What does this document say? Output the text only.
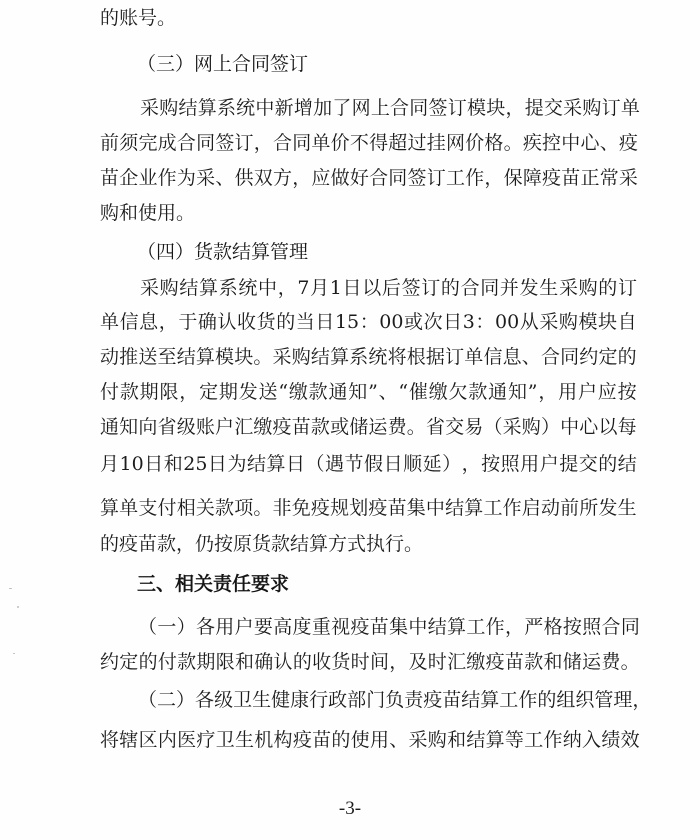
的账号。
（三）网上合同签订
采 购 结 算 系 统 中 新 增 加 了 网 上 合 同 签 订 模 块 ， 提 交 采 购 订 单
前 须 完 成 合 同 签 订 ， 合 同 单 价 不 得 超 过 挂 网 价 格 。 疾 控 中 心 、 疫
苗 企 业 作 为 采 、 供 双 方 ， 应 做 好 合 同 签 订 工 作 ， 保 障 疫 苗 正 常 采
购和使用。
（四）货款结算管理
采 购 结 算 系 统 中 ， 7 月 1 日 以 后 签 订 的 合 同 并 发 生 采 购 的 订
单 信 息 ， 于 确 认 收 货 的 当 日 15 ： 00 或 次 日 3 ： 00 从 采 购 模 块 自
动 推 送 至 结 算 模 块 。 采 购 结 算 系 统 将 根 据 订 单 信 息 、 合 同 约 定 的
付 款 期 限 ， 定 期 发 送 “ 缴 款 通 知 ” 、 “ 催 缴 欠 款 通 知 ” ， 用 户 应 按
通 知 向 省 级 账 户 汇 缴 疫 苗 款 或 储 运 费 。 省 交 易 （ 采 购 ） 中 心 以 每
月 10 日 和 25 日 为 结 算 日 （ 遇 节 假 日 顺 延 ） ， 按 照 用 户 提 交 的 结
算 单 支 付 相 关 款 项 。 非 免 疫 规 划 疫 苗 集 中 结 算 工 作 启 动 前 所 发 生
的疫苗款，仍按原货款结算方式执行。
三、相关责任要求
（ 一 ） 各 用 户 要 高 度 重 视 疫 苗 集 中 结 算 工 作 ， 严 格 按 照 合 同
约 定 的 付 款 期 限 和 确 认 的 收 货 时 间 ， 及 时 汇 缴 疫 苗 款 和 储 运 费 。
（ 二 ） 各 级 卫 生 健 康 行 政 部 门 负 责 疫 苗 结 算 工 作 的 组 织 管 理 ，
将 辖 区 内 医 疗 卫 生 机 构 疫 苗 的 使 用 、 采 购 和 结 算 等 工 作 纳 入 绩 效
-3-
